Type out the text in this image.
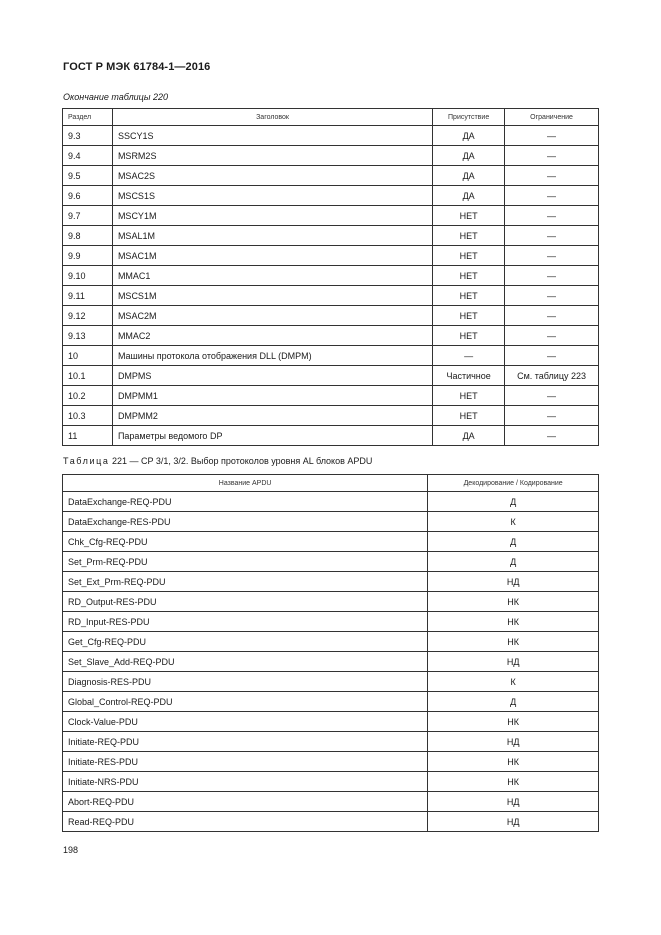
ГОСТ Р МЭК 61784-1—2016
Окончание таблицы 220
Раздел	Заголовок	Присутствие	Ограничение
9.3	SSCY1S	ДА	—
9.4	MSRM2S	ДА	—
9.5	MSAC2S	ДА	—
9.6	MSCS1S	ДА	—
9.7	MSCY1M	НЕТ	—
9.8	MSAL1M	НЕТ	—
9.9	MSAC1M	НЕТ	—
9.10	MMAC1	НЕТ	—
9.11	MSCS1M	НЕТ	—
9.12	MSAC2M	НЕТ	—
9.13	MMAC2	НЕТ	—
10	Машины протокола отображения DLL (DMPM)	—	—
10.1	DMPMS	Частичное	См. таблицу 223
10.2	DMPMM1	НЕТ	—
10.3	DMPMM2	НЕТ	—
11	Параметры ведомого DP	ДА	—
Таблица 221 — CP 3/1, 3/2. Выбор протоколов уровня AL блоков APDU
Название APDU	Декодирование / Кодирование
DataExchange-REQ-PDU	Д
DataExchange-RES-PDU	К
Chk_Cfg-REQ-PDU	Д
Set_Prm-REQ-PDU	Д
Set_Ext_Prm-REQ-PDU	НД
RD_Output-RES-PDU	НК
RD_Input-RES-PDU	НК
Get_Cfg-REQ-PDU	НК
Set_Slave_Add-REQ-PDU	НД
Diagnosis-RES-PDU	К
Global_Control-REQ-PDU	Д
Clock-Value-PDU	НК
Initiate-REQ-PDU	НД
Initiate-RES-PDU	НК
Initiate-NRS-PDU	НК
Abort-REQ-PDU	НД
Read-REQ-PDU	НД
198
